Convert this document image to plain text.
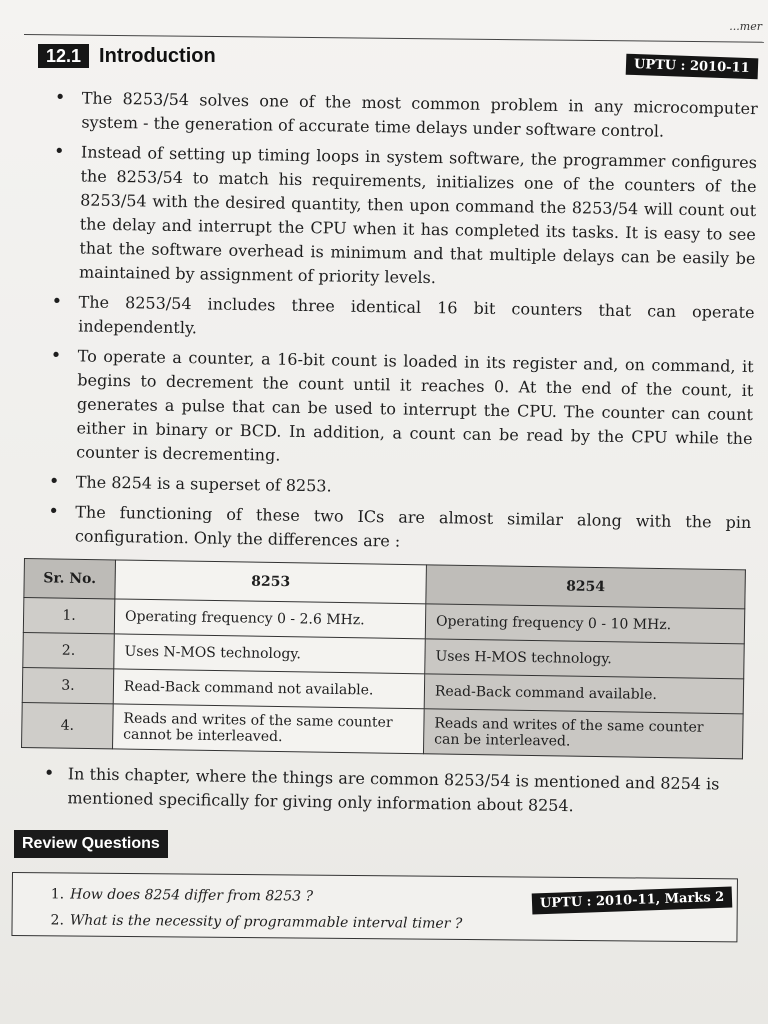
...mer
12.1 Introduction	UPTU : 2010-11
• The 8253/54 solves one of the most common problem in any microcomputer system - the generation of accurate time delays under software control.
• Instead of setting up timing loops in system software, the programmer configures the 8253/54 to match his requirements, initializes one of the counters of the 8253/54 with the desired quantity, then upon command the 8253/54 will count out the delay and interrupt the CPU when it has completed its tasks. It is easy to see that the software overhead is minimum and that multiple delays can be easily be maintained by assignment of priority levels.
• The 8253/54 includes three identical 16 bit counters that can operate independently.
• To operate a counter, a 16-bit count is loaded in its register and, on command, it begins to decrement the count until it reaches 0. At the end of the count, it generates a pulse that can be used to interrupt the CPU. The counter can count either in binary or BCD. In addition, a count can be read by the CPU while the counter is decrementing.
• The 8254 is a superset of 8253.
• The functioning of these two ICs are almost similar along with the pin configuration. Only the differences are :
Sr. No.	8253	8254
1.	Operating frequency 0 - 2.6 MHz.	Operating frequency 0 - 10 MHz.
2.	Uses N-MOS technology.	Uses H-MOS technology.
3.	Read-Back command not available.	Read-Back command available.
4.	Reads and writes of the same counter cannot be interleaved.	Reads and writes of the same counter can be interleaved.
• In this chapter, where the things are common 8253/54 is mentioned and 8254 is mentioned specifically for giving only information about 8254.
Review Questions
1. How does 8254 differ from 8253 ?
2. What is the necessity of programmable interval timer ?
UPTU : 2010-11, Marks 2
